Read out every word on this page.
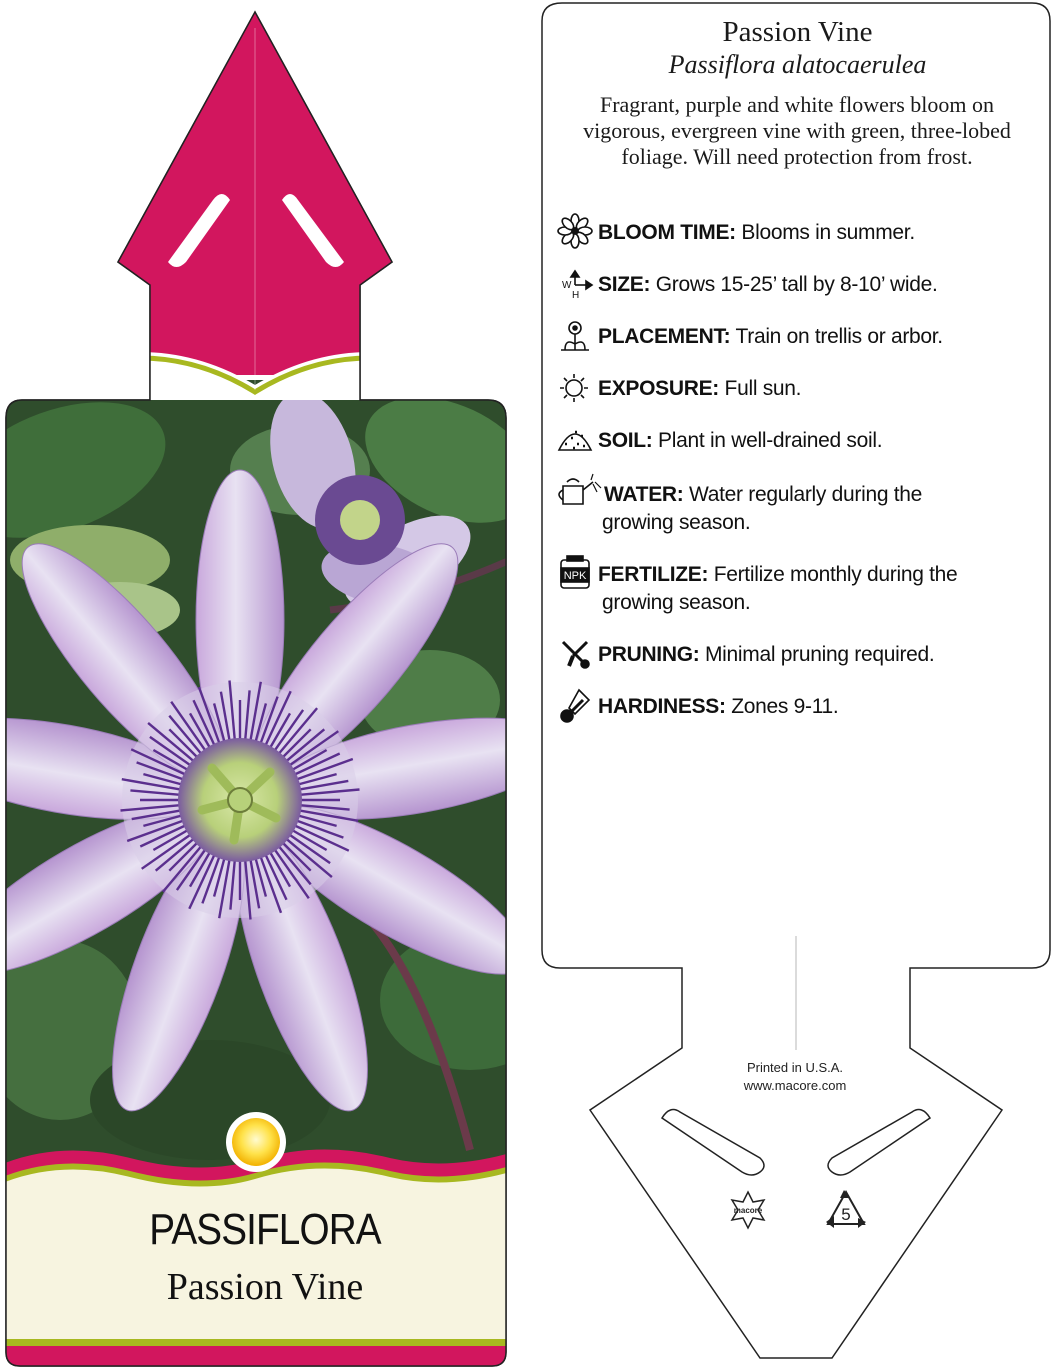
macore	5
W
H
NPK
Passion Vine
Passiflora alatocaerulea
Fragrant, purple and white flowers bloom on vigorous, evergreen vine with green, three-lobed foliage. Will need protection from frost.
BLOOM TIME: Blooms in summer.
SIZE: Grows 15-25’ tall by 8-10’ wide.
PLACEMENT: Train on trellis or arbor.
EXPOSURE: Full sun.
SOIL: Plant in well-drained soil.
WATER: Water regularly during the
growing season.
FERTILIZE: Fertilize monthly during the
growing season.
PRUNING: Minimal pruning required.
HARDINESS: Zones 9-11.
Printed in U.S.A.
www.macore.com
PASSIFLORA
Passion Vine
